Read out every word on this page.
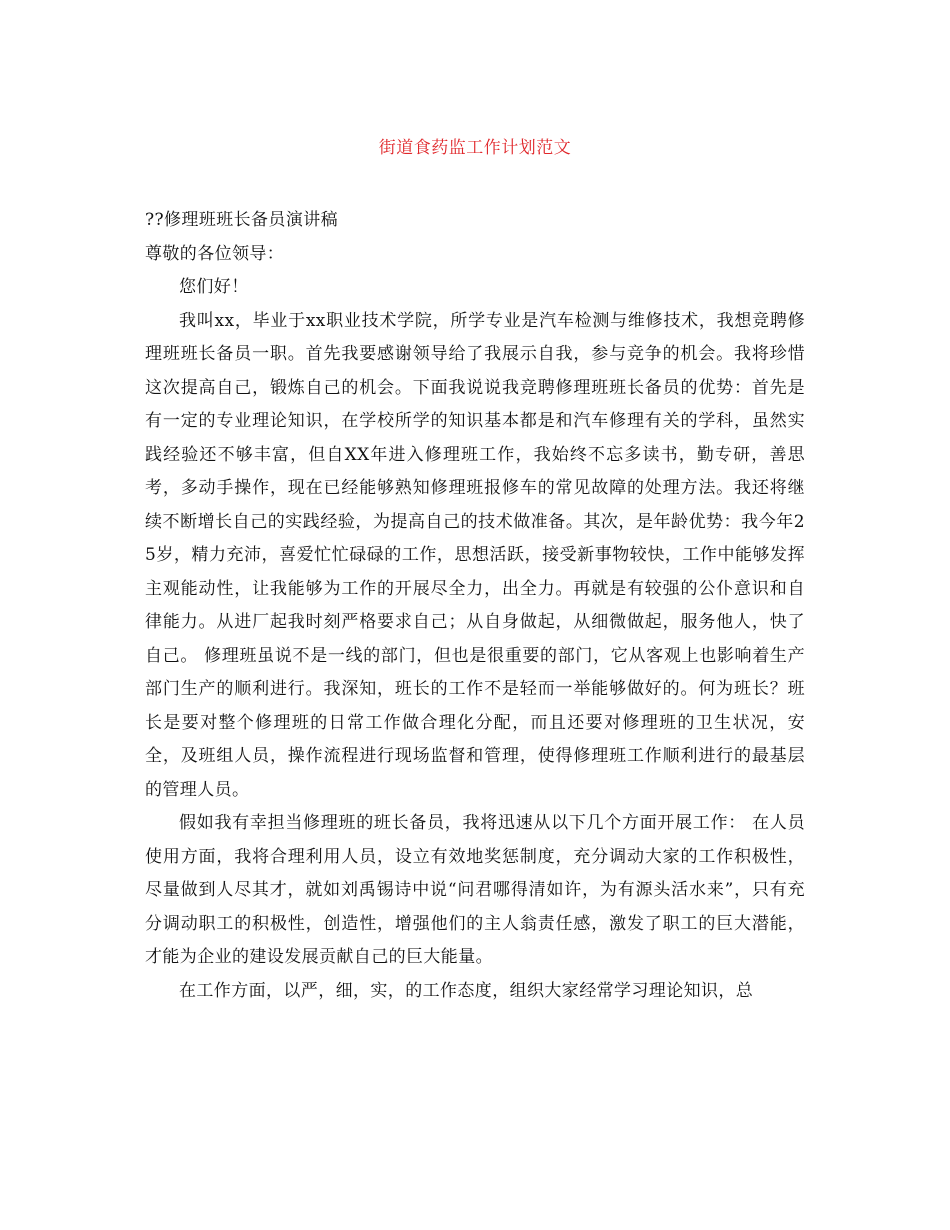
街道食药监工作计划范文

??修理班班长备员演讲稿

尊敬的各位领导：

您们好！

我叫xx，毕业于xx职业技术学院，所学专业是汽车检测与维修技术，我想竞聘修理班班长备员一职。首先我要感谢领导给了我展示自我，参与竞争的机会。我将珍惜这次提高自己，锻炼自己的机会。下面我说说我竞聘修理班班长备员的优势：首先是有一定的专业理论知识，在学校所学的知识基本都是和汽车修理有关的学科，虽然实践经验还不够丰富，但自XX年进入修理班工作，我始终不忘多读书，勤专研，善思考，多动手操作，现在已经能够熟知修理班报修车的常见故障的处理方法。我还将继续不断增长自己的实践经验，为提高自己的技术做准备。其次，是年龄优势：我今年25岁，精力充沛，喜爱忙忙碌碌的工作，思想活跃，接受新事物较快，工作中能够发挥主观能动性，让我能够为工作的开展尽全力，出全力。再就是有较强的公仆意识和自律能力。从进厂起我时刻严格要求自己；从自身做起，从细微做起，服务他人，快了自己。 修理班虽说不是一线的部门，但也是很重要的部门，它从客观上也影响着生产部门生产的顺利进行。我深知，班长的工作不是轻而一举能够做好的。何为班长？班长是要对整个修理班的日常工作做合理化分配，而且还要对修理班的卫生状况，安全，及班组人员，操作流程进行现场监督和管理，使得修理班工作顺利进行的最基层的管理人员。

假如我有幸担当修理班的班长备员，我将迅速从以下几个方面开展工作： 在人员使用方面，我将合理利用人员，设立有效地奖惩制度，充分调动大家的工作积极性，尽量做到人尽其才，就如刘禹锡诗中说“问君哪得清如许，为有源头活水来”，只有充分调动职工的积极性，创造性，增强他们的主人翁责任感，激发了职工的巨大潜能，才能为企业的建设发展贡献自己的巨大能量。

在工作方面，以严，细，实，的工作态度，组织大家经常学习理论知识，总
